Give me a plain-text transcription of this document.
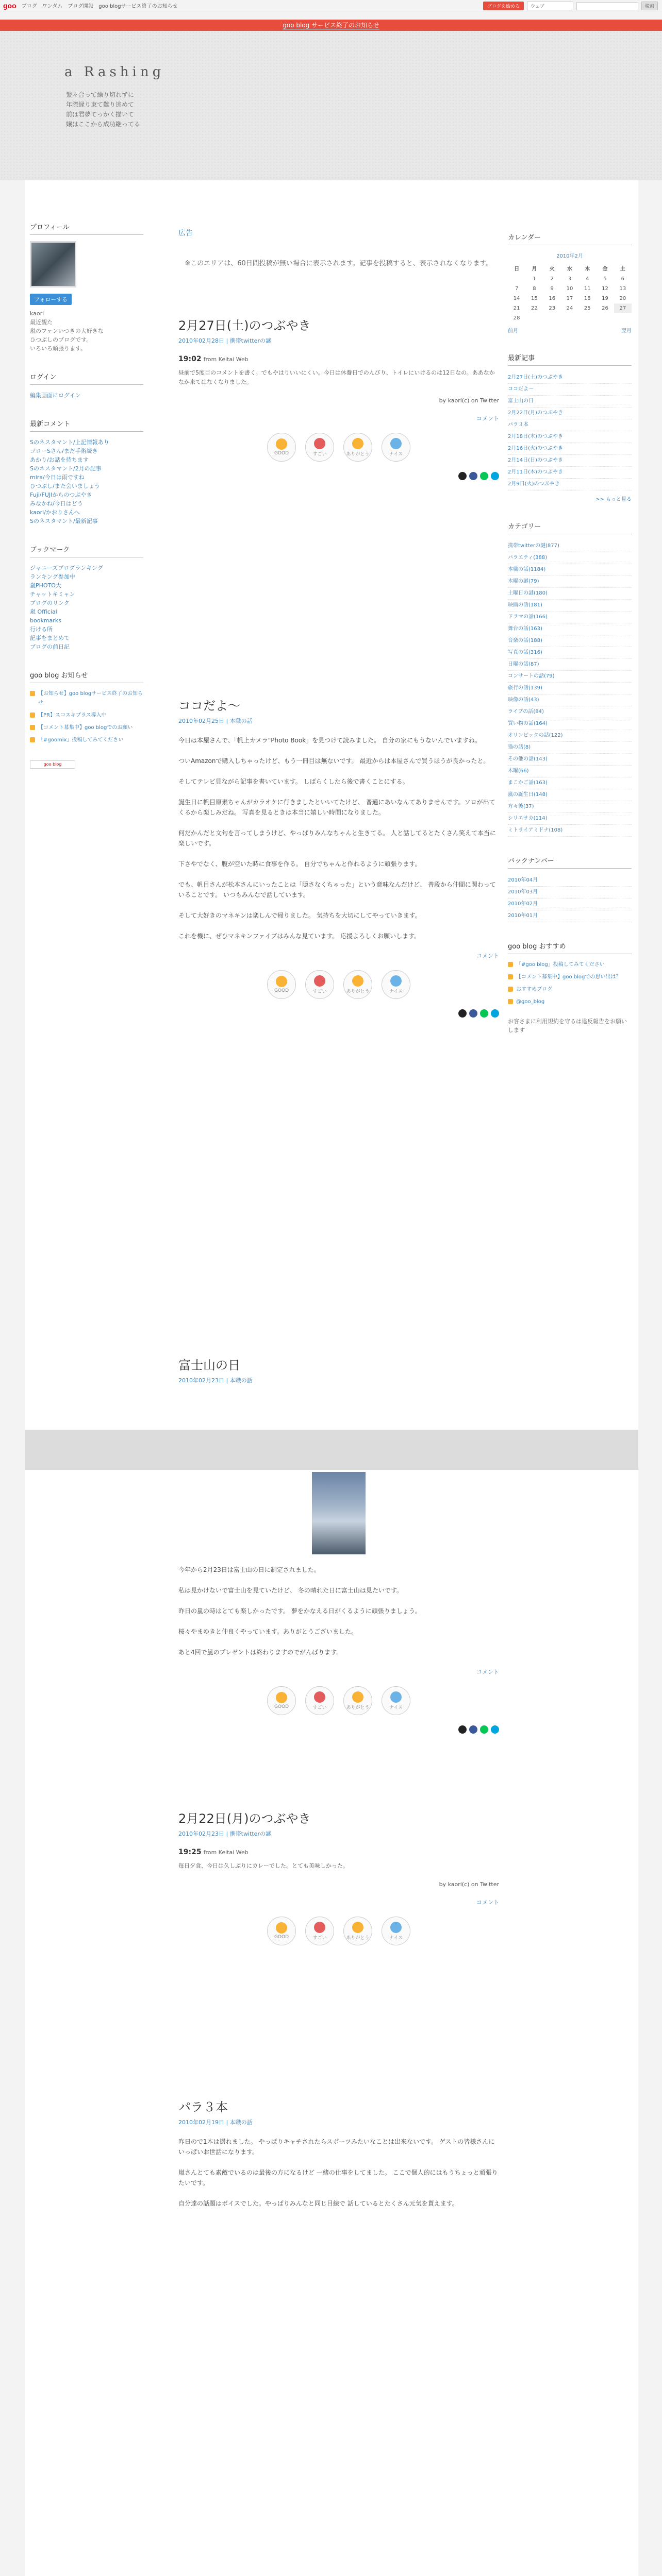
goo ブログ ワンダム ブログ開設 goo blogサービス終了のお知らせ	ブログを始める	ウェブ	検索
goo blog サービス終了のお知らせ
a Rashing
繋々合って繰り切れずに
年際縁り束て難り逃めて
前は君夢てっかく描いて
嬢はここから成功継ってる
プロフィール
フォローする
kaori
最近観た
嵐のファンいつきの大好きな
ひつぶしのブログです。
いろいろ頑張ります。
ログイン
編集画面にログイン
最新コメント
Sのネスタマント/上記情報あり
ゴローSさん/まだ手術続き
あかり/お話を待ちます
Sのネスタマント/2月の記事
mira/今日は雨ですね
ひつぶし/また会いましょう
Fuji/FUJIからのつぶやき
みなかね/今日はどう
kaori/かおりさんへ
Sのネスタマント/最新記事
ブックマーク
ジャニーズブログランキング
ランキング参加中
嵐PHOTO大
チャットキミャン
ブログのリンク
嵐 Official
bookmarks
行ける所
記事をまとめて
ブログの前日記
goo blog お知らせ
【お知らせ】goo blogサービス終了のお知らせ
【PR】スコスキプラス導入中
【コメント募集中】goo blogでのお願い
「#goomix」投稿してみてください
goo blog
広告
※このエリアは、60日間投稿が無い場合に表示されます。記事を投稿すると、表示されなくなります。
2月27日(土)のつぶやき
2010年02月28日 | 携帯twitterの謎
19:02 from Keitai Web
昼前で5度目のコメントを書く。でもやはりいいにくい。今日は休養日でのんびり、トイレにいけるのは12日なの。ああなかなか来てはなくなりました。
by kaori(c) on Twitter
コメント
GOOD	すごい	ありがとう	ナイス
ココだよ～
2010年02月25日 | 本職の話

今日は本屋さんで、「帆上カメラ"Photo Book」を見つけて読みました。 自分の家にもうないんでいますね。

ついAmazonで購入しちゃったけど、もう一冊目は無ないです。 最近からは本屋さんで買うほうが良かったと。

そしてテレビ見ながら記事を書いています。 しばらくしたら後で書くことにする。

誕生日に帆目原素ちゃんがカラオケに行きましたといいてたけど、 普通にあいなんてありませんです。ソロが出てくるから楽しみだね。 写真を見るときは本当に嬉しい時間になりました。

何だかんだと文句を言ってしまうけど、やっぱりみんなちゃんと生きてる。 人と話してるとたくさん笑えて本当に楽しいです。

下さやでなく、腹が空いた時に食事を作る。 自分でちゃんと作れるように頑張ります。

でも、帆目さんが松本さんにいったことは「隠さなくちゃった」という意味なんだけど、 普段から仲間に関わっていることです。 いつもみんなで話しています。

そして大好きのマネキンは楽しんで帰りました。 気持ちを大切にしてやっていきます。

これを機に、ぜひマネキンファイブはみんな見ています。 応援よろしくお願いします。

コメント
GOOD	すごい	ありがとう	ナイス
富士山の日
2010年02月23日 | 本職の話

今年から2月23日は富士山の日に制定されました。

私は見かけないで富士山を見ていたけど、 冬の晴れた日に富士山は見たいです。

昨日の嵐の時はとても楽しかったです。 夢をかなえる日がくるように頑張りましょう。

桜々やまゆきと仲良くやっています。ありがとうございました。

あと4回で嵐のプレゼントは終わりますのでがんばります。

コメント
GOOD	すごい	ありがとう	ナイス
2月22日(月)のつぶやき
2010年02月23日 | 携帯twitterの謎
19:25 from Keitai Web
毎日夕食、今日は久しぶりにカレーでした。とても美味しかった。
by kaori(c) on Twitter
コメント
GOOD	すごい	ありがとう	ナイス
パラ３本
2010年02月19日 | 本職の話

昨日ので1本は撮れました。 やっぱりキャチされたらスポーツみたいなことは出来ないです。 ゲストの皆様さんにいっぱいお世話になります。

嵐さんとても素敵でいるのは最後の方になるけど 一緒の仕事をしてました。 ここで個人的にはもうちょっと頑張りたいです。

自分達の話題はボイスでした。やっぱりみんなと同じ目線で 話しているとたくさん元気を貰えます。

カレンダー
2010年2月
日	月	火	水	木	金	土
	1	2	3	4	5	6
7	8	9	10	11	12	13
14	15	16	17	18	19	20
21	22	23	24	25	26	27
28						
前月	翌月
最新記事
2月27日(土)のつぶやき
ココだよ～
富士山の日
2月22日(月)のつぶやき
パラ３本
2月18日(木)のつぶやき
2月16日(火)のつぶやき
2月14日(日)のつぶやき
2月11日(木)のつぶやき
2月9日(火)のつぶやき
>> もっと見る
カテゴリー
携帯twitterの謎(877)
パラエティ(388)
本職の話(1184)
木曜の謎(79)
土曜日の謎(180)
映画の話(181)
ドラマの話(166)
舞台の話(163)
音楽の話(188)
写真の話(316)
日曜の話(87)
コンサートの話(79)
旅行の話(139)
映像の話(43)
ライブの話(84)
買い物の話(164)
オリンピックの話(122)
猫の話(8)
その他の話(143)
木曜(66)
まこかご話(163)
嵐の誕生日(148)
方々後(37)
シリエサカ(114)
ミトライアミドナ(108)
バックナンバー
2010年04月
2010年03月
2010年02月
2010年01月
goo blog おすすめ
「#goo blog」投稿してみてください
【コメント募集中】goo blogでの思い出は？
おすすめブログ
@goo_blog
お客さまに利用規約を守るは違反報告をお願いします
